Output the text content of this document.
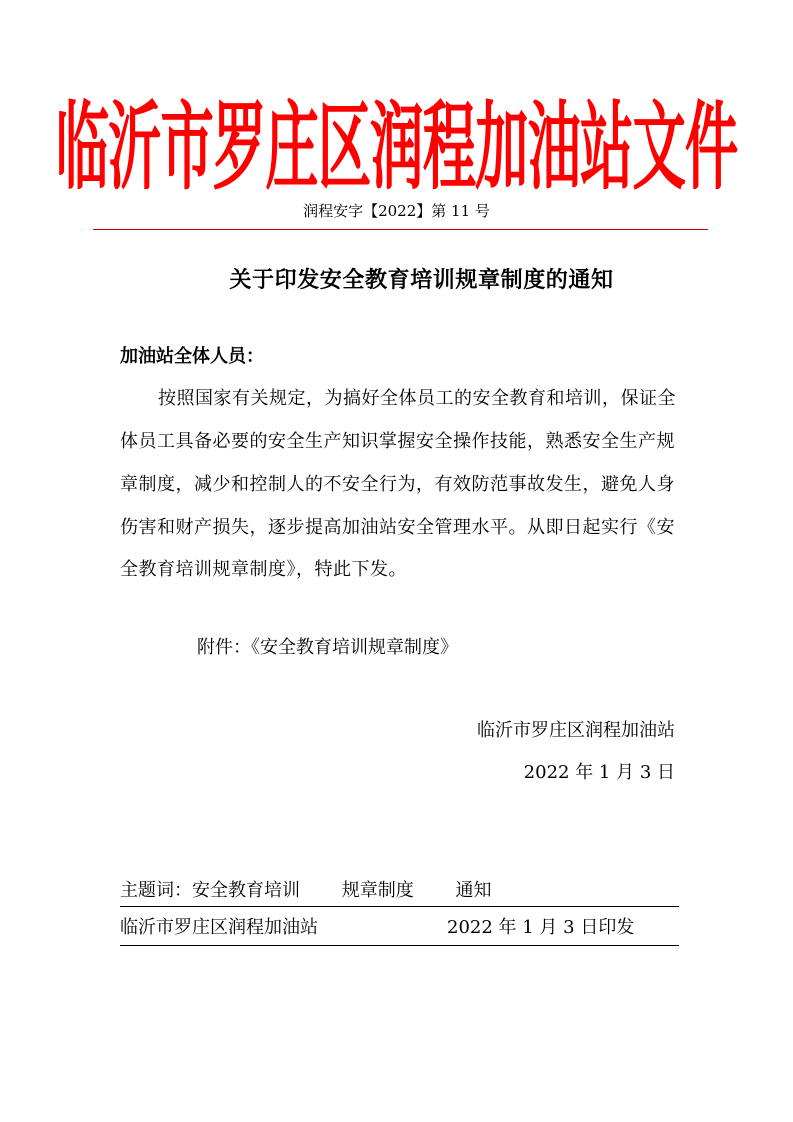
临沂市罗庄区润程加油站文件
润程安字【2022】第 11 号
关于印发安全教育培训规章制度的通知
加油站全体人员：
按照国家有关规定，为搞好全体员工的安全教育和培训，保证全
体员工具备必要的安全生产知识掌握安全操作技能，熟悉安全生产规
章制度，减少和控制人的不安全行为，有效防范事故发生，避免人身
伤害和财产损失，逐步提高加油站安全管理水平。从即日起实行《安
全教育培训规章制度》，特此下发。
附件：《安全教育培训规章制度》
临沂市罗庄区润程加油站
2022 年 1 月 3 日
主题词：安全教育培训 规章制度 通知
临沂市罗庄区润程加油站	2022 年 1 月 3 日印发
